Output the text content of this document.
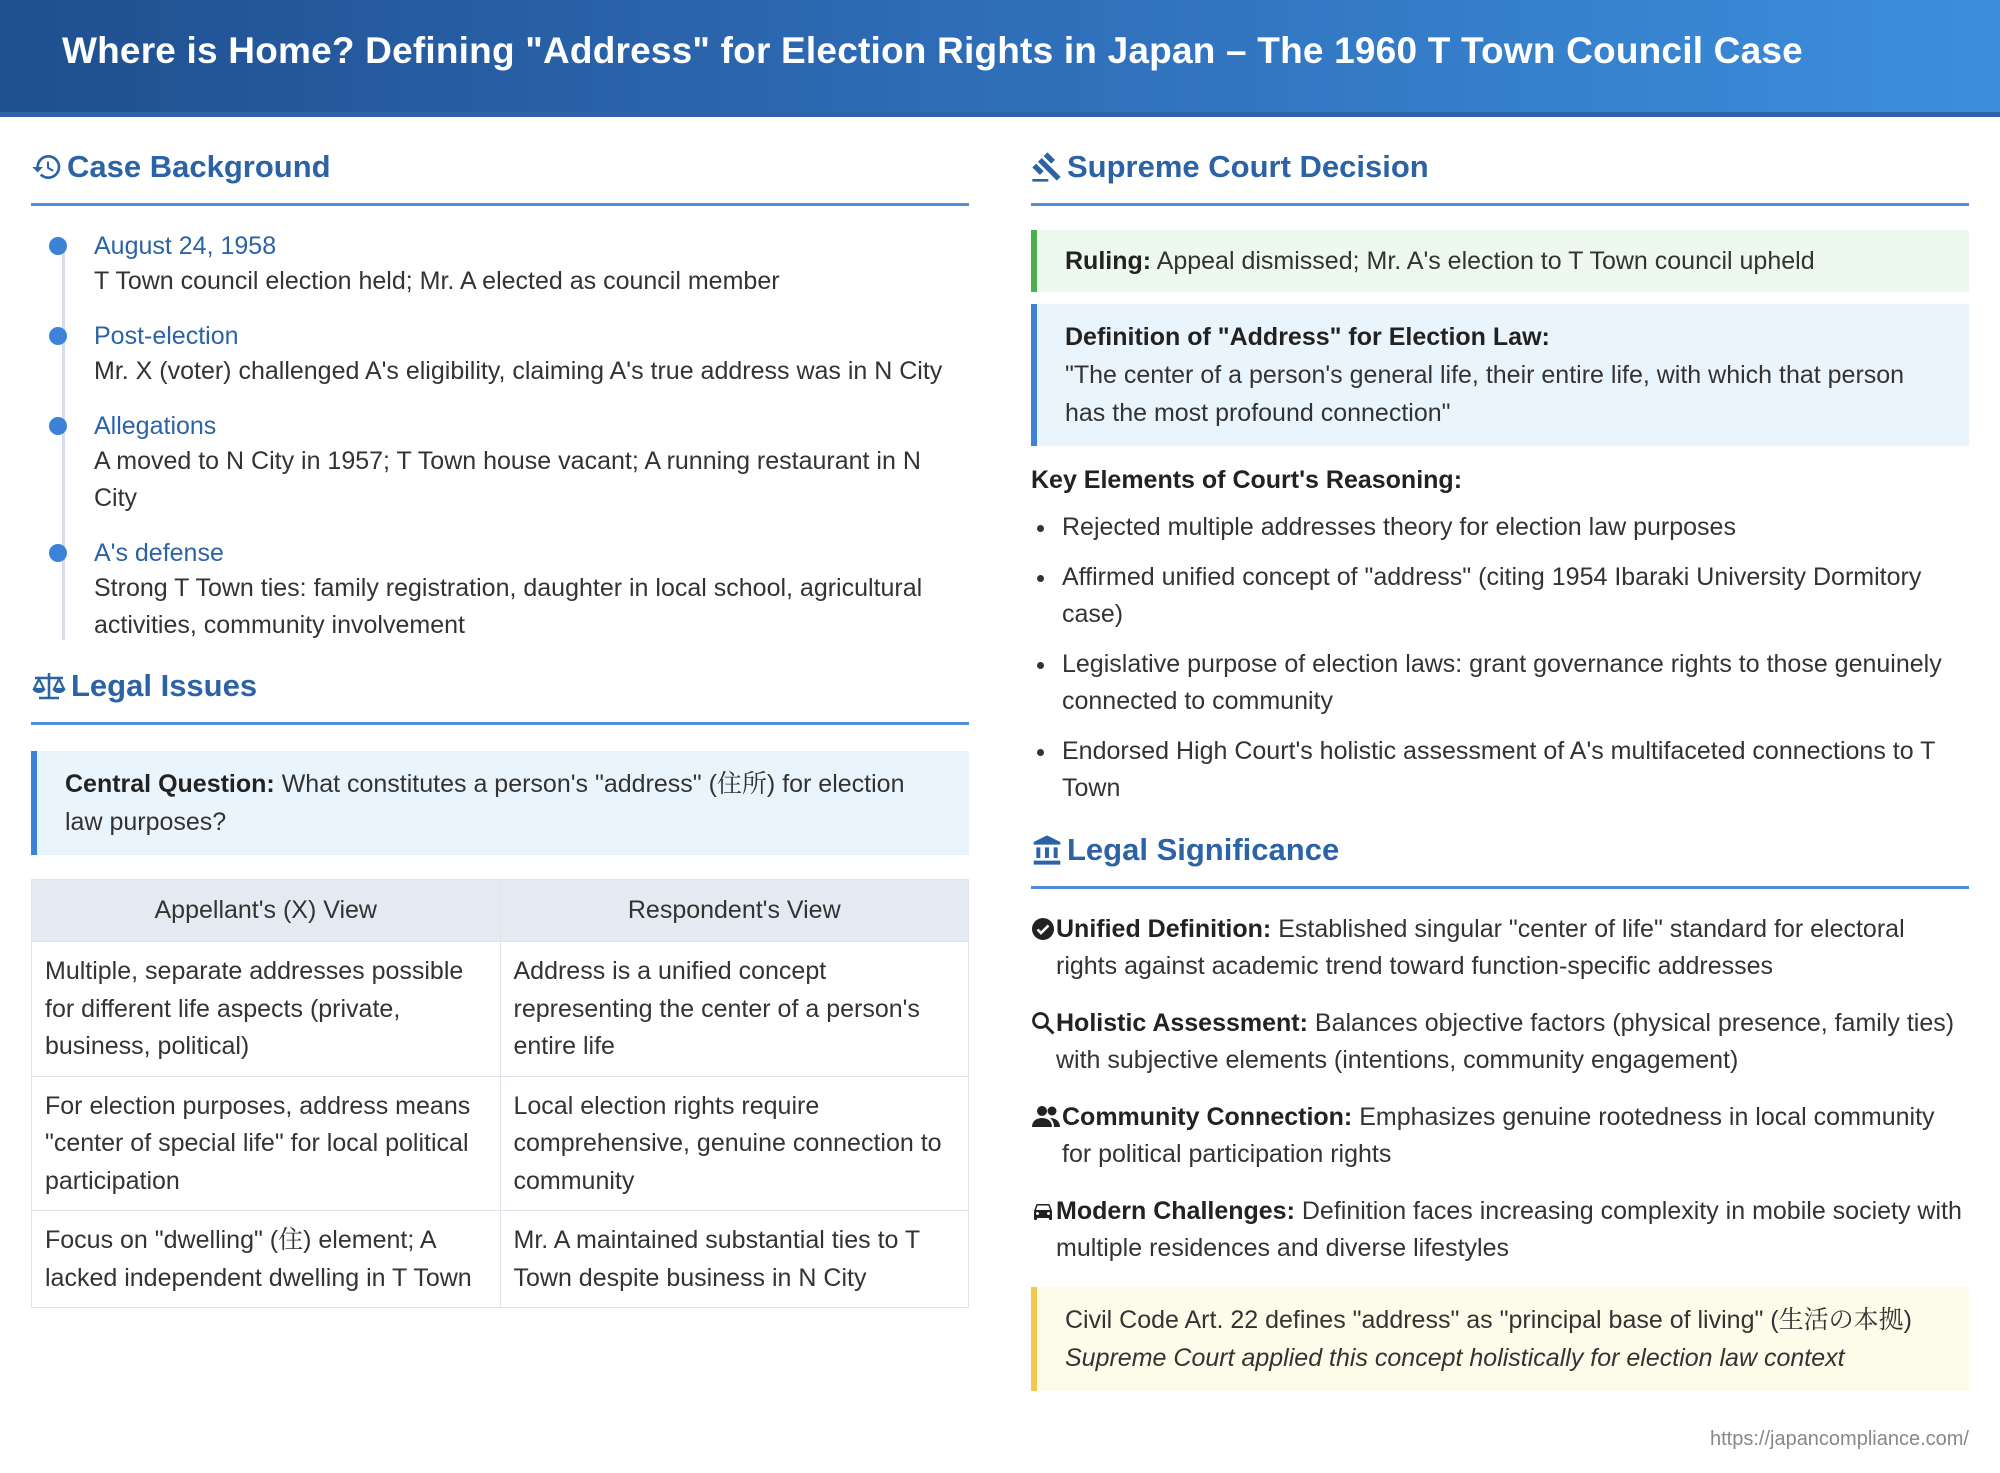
Where is Home? Defining "Address" for Election Rights in Japan – The 1960 T Town Council Case
Case Background
August 24, 1958
T Town council election held; Mr. A elected as council member
Post-election
Mr. X (voter) challenged A's eligibility, claiming A's true address was in N City
Allegations
A moved to N City in 1957; T Town house vacant; A running restaurant in N City
A's defense
Strong T Town ties: family registration, daughter in local school, agricultural activities, community involvement
Legal Issues
Central Question: What constitutes a person's "address" (住所) for election law purposes?
Appellant's (X) View	Respondent's View
Multiple, separate addresses possible for different life aspects (private, business, political)	Address is a unified concept representing the center of a person's entire life
For election purposes, address means "center of special life" for local political participation	Local election rights require comprehensive, genuine connection to community
Focus on "dwelling" (住) element; A lacked independent dwelling in T Town	Mr. A maintained substantial ties to T Town despite business in N City
Supreme Court Decision
Ruling: Appeal dismissed; Mr. A's election to T Town council upheld
Definition of "Address" for Election Law:
"The center of a person's general life, their entire life, with which that person has the most profound connection"
Key Elements of Court's Reasoning:
Rejected multiple addresses theory for election law purposes
Affirmed unified concept of "address" (citing 1954 Ibaraki University Dormitory case)
Legislative purpose of election laws: grant governance rights to those genuinely connected to community
Endorsed High Court's holistic assessment of A's multifaceted connections to T Town
Legal Significance
Unified Definition: Established singular "center of life" standard for electoral rights against academic trend toward function-specific addresses
Holistic Assessment: Balances objective factors (physical presence, family ties) with subjective elements (intentions, community engagement)
Community Connection: Emphasizes genuine rootedness in local community for political participation rights
Modern Challenges: Definition faces increasing complexity in mobile society with multiple residences and diverse lifestyles
Civil Code Art. 22 defines "address" as "principal base of living" (生活の本拠)
Supreme Court applied this concept holistically for election law context
https://japancompliance.com/
